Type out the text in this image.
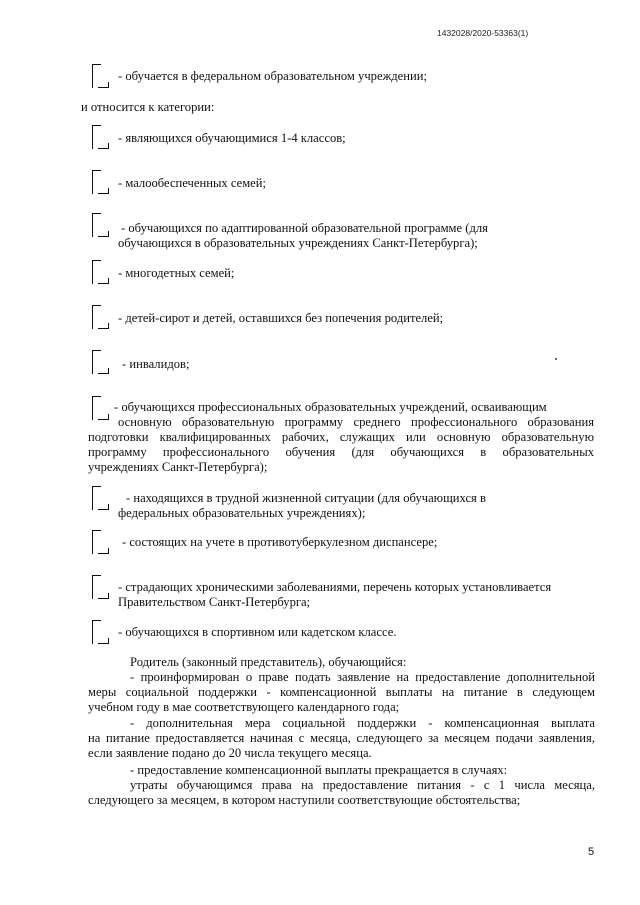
1432028/2020-53363(1)
- обучается в федеральном образовательном учреждении;
и относится к категории:
- являющихся обучающимися 1-4 классов;
- малообеспеченных семей;
- обучающихся по адаптированной образовательной программе (для
обучающихся в образовательных учреждениях Санкт-Петербурга);
- многодетных семей;
- детей-сирот и детей, оставшихся без попечения родителей;
- инвалидов;
- обучающихся профессиональных образовательных учреждений, осваивающим
основную образовательную программу среднего профессионального образования
подготовки квалифицированных рабочих, служащих или основную образовательную
программу профессионального обучения (для обучающихся в образовательных
учреждениях Санкт-Петербурга);
- находящихся в трудной жизненной ситуации (для обучающихся в
федеральных образовательных учреждениях);
- состоящих на учете в противотуберкулезном диспансере;
- страдающих хроническими заболеваниями, перечень которых установливается
Правительством Санкт-Петербурга;
- обучающихся в спортивном или кадетском классе.
Родитель (законный представитель), обучающийся:
- проинформирован о праве подать заявление на предоставление дополнительной
меры социальной поддержки - компенсационной выплаты на питание в следующем
учебном году в мае соответствующего календарного года;
- дополнительная мера социальной поддержки - компенсационная выплата
на питание предоставляется начиная с месяца, следующего за месяцем подачи заявления,
если заявление подано до 20 числа текущего месяца.
- предоставление компенсационной выплаты прекращается в случаях:
утраты обучающимся права на предоставление питания - с 1 числа месяца,
следующего за месяцем, в котором наступили соответствующие обстоятельства;
5
